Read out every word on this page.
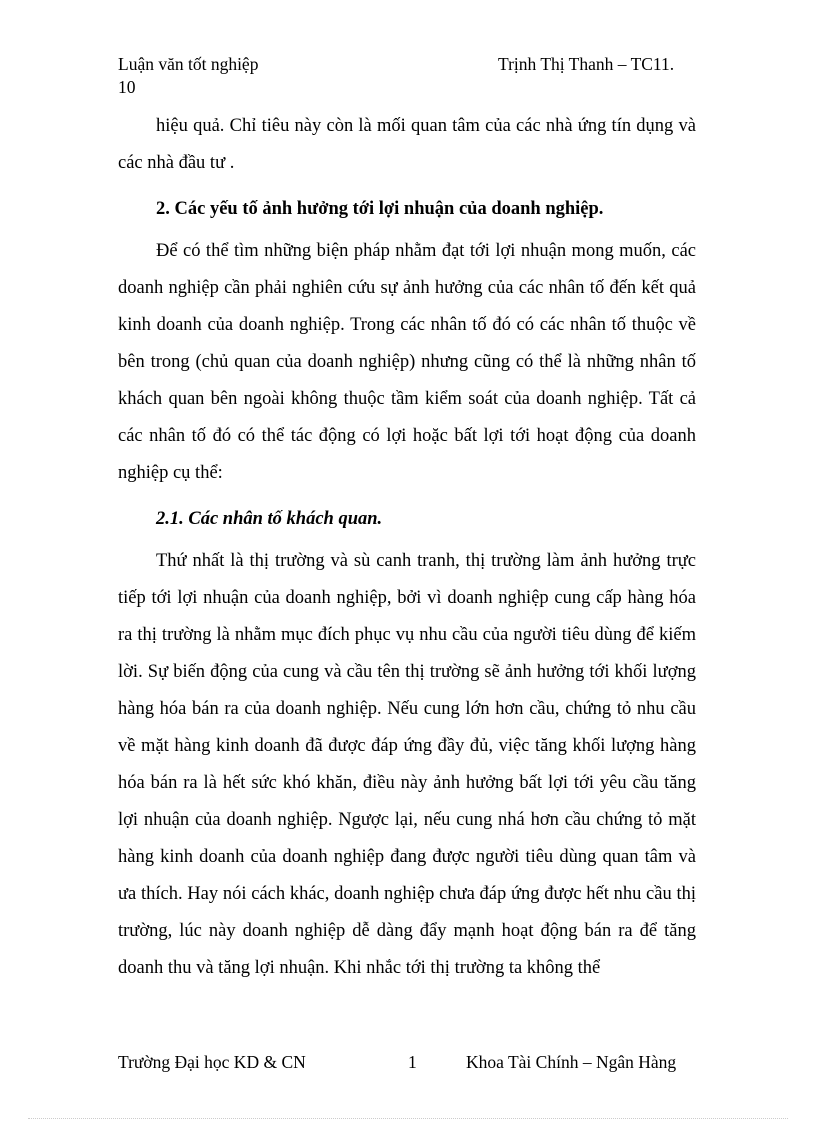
Luận văn tốt nghiệp	Trịnh Thị Thanh – TC11.
10

hiệu quả. Chỉ tiêu này còn là mối quan tâm của các nhà ứng tín dụng và các nhà đầu tư .

2. Các yếu tố ảnh hưởng tới lợi nhuận của doanh nghiệp.

Để có thể tìm những biện pháp nhằm đạt tới lợi nhuận mong muốn, các doanh nghiệp cần phải nghiên cứu sự ảnh hưởng của các nhân tố đến kết quả kinh doanh của doanh nghiệp. Trong các nhân tố đó có các nhân tố thuộc về bên trong (chủ quan của doanh nghiệp) nhưng cũng có thể là những nhân tố khách quan bên ngoài không thuộc tầm kiểm soát của doanh nghiệp. Tất cả các nhân tố đó có thể tác động có lợi hoặc bất lợi tới hoạt động của doanh nghiệp cụ thể:

2.1. Các nhân tố khách quan.

Thứ nhất là thị trường và sù canh tranh, thị trường làm ảnh hưởng trực tiếp tới lợi nhuận của doanh nghiệp, bởi vì doanh nghiệp cung cấp hàng hóa ra thị trường là nhằm mục đích phục vụ nhu cầu của người tiêu dùng để kiếm lời. Sự biến động của cung và cầu tên thị trường sẽ ảnh hưởng tới khối lượng hàng hóa bán ra của doanh nghiệp. Nếu cung lớn hơn cầu, chứng tỏ nhu cầu về mặt hàng kinh doanh đã được đáp ứng đầy đủ, việc tăng khối lượng hàng hóa bán ra là hết sức khó khăn, điều này ảnh hưởng bất lợi tới yêu cầu tăng lợi nhuận của doanh nghiệp. Ngược lại, nếu cung nhá hơn cầu chứng tỏ mặt hàng kinh doanh của doanh nghiệp đang được người tiêu dùng quan tâm và ưa thích. Hay nói cách khác, doanh nghiệp chưa đáp ứng được hết nhu cầu thị trường, lúc này doanh nghiệp dễ dàng đẩy mạnh hoạt động bán ra để tăng doanh thu và tăng lợi nhuận. Khi nhắc tới thị trường ta không thể

Trường Đại học KD & CN	1	Khoa Tài Chính – Ngân Hàng
